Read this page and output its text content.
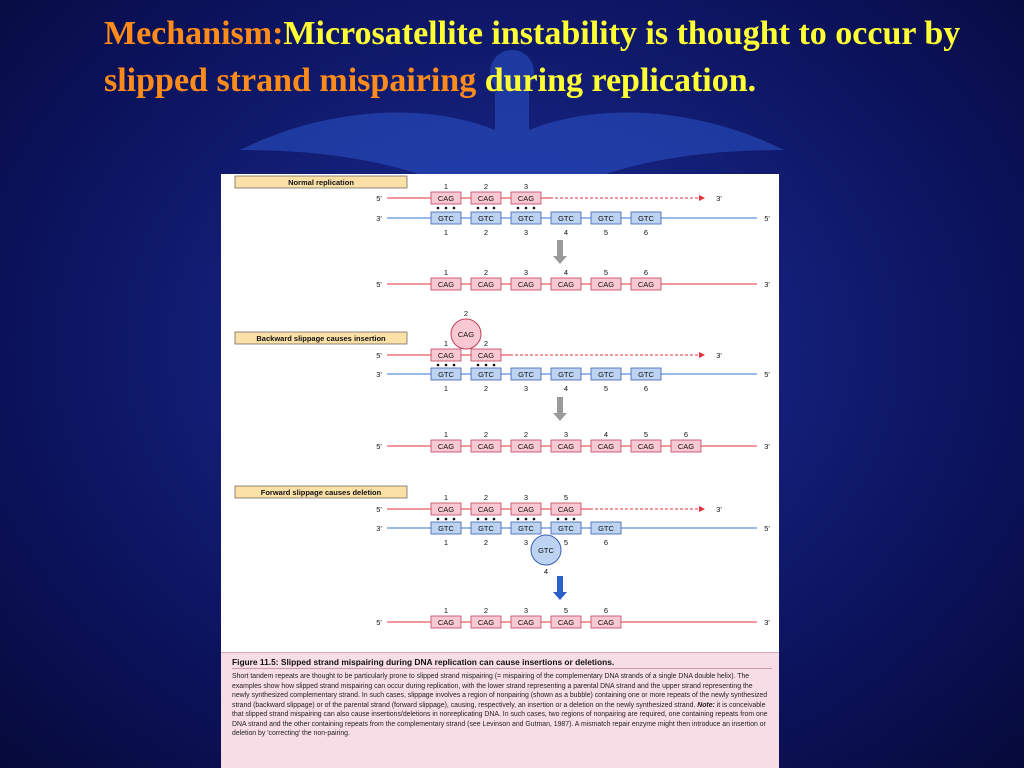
Mechanism:Microsatellite instability is thought to occur by slipped strand mispairing during replication.
Normal replication
3'
5'	CAG
1
CAG
2
CAG
3
5'
3'	GTC
1
GTC
2
GTC
3
GTC
4
GTC
5
GTC
6
3'
5'	CAG
1
CAG
2
CAG
3
CAG
4
CAG
5
CAG
6
Backward slippage causes insertion	CAG
2
3'
5'	CAG
1
CAG
2
5'
3'	GTC
1
GTC
2
GTC
3
GTC
4
GTC
5
GTC
6
3'
5'	CAG
1
CAG
2
CAG
2
CAG
3
CAG
4
CAG
5
CAG
6
Forward slippage causes deletion
3'
5'	CAG
1
CAG
2
CAG
3
CAG
5
5'
3'	GTC
1
GTC
2
GTC
3
GTC
5
GTC
6
GTC
4
3'
5'	CAG
1
CAG
2
CAG
3
CAG
5
CAG
6
Figure 11.5: Slipped strand mispairing during DNA replication can cause insertions or deletions.
Short tandem repeats are thought to be particularly prone to slipped strand mispairing (= mispairing of the complementary DNA strands of a single DNA double helix). The examples show how slipped strand mispairing can occur during replication, with the lower strand representing a parental DNA strand and the upper strand representing the newly synthesized complementary strand. In such cases, slippage involves a region of nonpairing (shown as a bubble) containing one or more repeats of the newly synthesized strand (backward slippage) or of the parental strand (forward slippage), causing, respectively, an insertion or a deletion on the newly synthesized strand. Note: it is conceivable that slipped strand mispairing can also cause insertions/deletions in nonreplicating DNA. In such cases, two regions of nonpairing are required, one containing repeats from one DNA strand and the other containing repeats from the complementary strand (see Levinson and Gutman, 1987). A mismatch repair enzyme might then introduce an insertion or deletion by 'correcting' the non-pairing.
